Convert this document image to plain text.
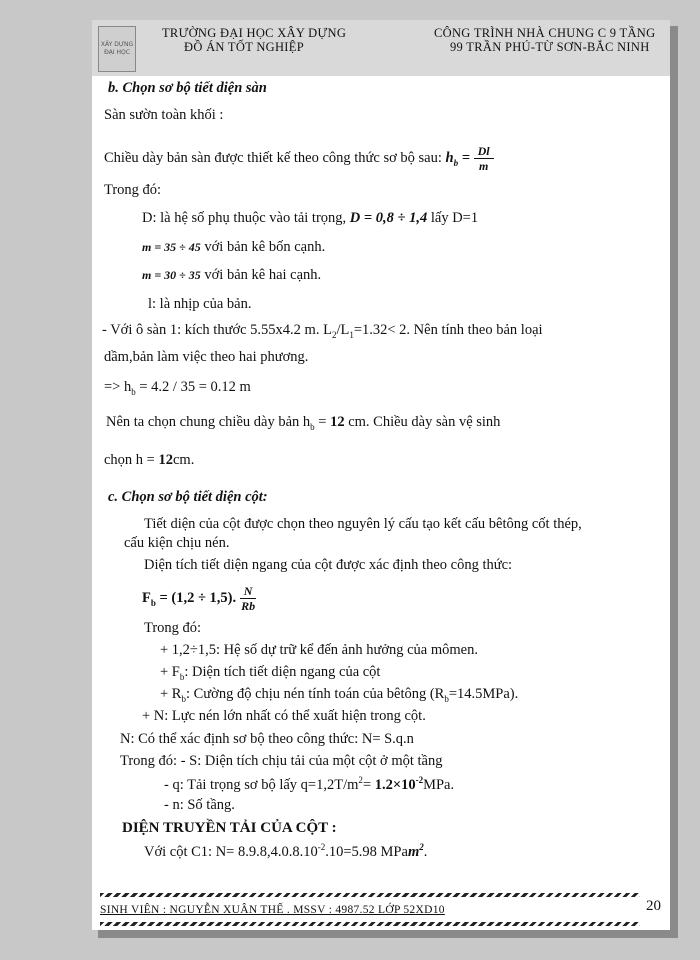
XÂY DỰNG
ĐẠI HỌC
TRƯỜNG ĐẠI HỌC XÂY DỰNG
ĐỒ ÁN TỐT NGHIỆP
CÔNG TRÌNH NHÀ CHUNG C 9 TẦNG
99 TRẦN PHÚ-TỪ SƠN-BẮC NINH
b. Chọn sơ bộ tiết diện sàn
Sàn sườn toàn khối :
Chiều dày bản sàn được thiết kế theo công thức sơ bộ sau: $h_b = \frac{Dl}{m}$
Trong đó:
D: là hệ số phụ thuộc vào tải trọng, D = 0,8 ÷ 1,4 lấy D=1
m = 35 ÷ 45 với bản kê bốn cạnh.
m = 30 ÷ 35 với bản kê hai cạnh.
l: là nhịp của bản.
- Với ô sàn 1: kích thước 5.55x4.2 m. $L_2/L_1=1.32< 2$. Nên tính theo bản loại
dầm,bản làm việc theo hai phương.
=> $h_b = 4.2 / 35 = 0.12$ m
Nên ta chọn chung chiều dày bản $h_b = 12$ cm. Chiều dày sàn vệ sinh
chọn h = 12cm.
c. Chọn sơ bộ tiết diện cột:
Tiết diện của cột được chọn theo nguyên lý cấu tạo kết cấu bêtông cốt thép,
cấu kiện chịu nén.
Diện tích tiết diện ngang của cột được xác định theo công thức:
$F_b = (1,2 \div 1,5)$. $\frac{N}{Rb}$
Trong đó:
+ 1,2÷1,5: Hệ số dự trữ kể đến ảnh hưởng của mômen.
+ $F_b$: Diện tích tiết diện ngang của cột
+ $R_b$: Cường độ chịu nén tính toán của bêtông $(R_b=14.5MPa)$.
+ N: Lực nén lớn nhất có thể xuất hiện trong cột.
N: Có thể xác định sơ bộ theo công thức: N= S.q.n
Trong đó: - S: Diện tích chịu tải của một cột ở một tầng
- q: Tải trọng sơ bộ lấy $q=1,2T/m^2= 1.2\times 10^{-2}MPa$.
- n: Số tầng.
DIỆN TRUYỀN TẢI CỦA CỘT :
Với cột C1: $N= 8.9.8,4.0.8.10^{-2}.10=5.98$ MPam$^2$.
SINH VIÊN : NGUYỄN XUÂN THẾ . MSSV : 4987.52 LỚP 52XD10	20
